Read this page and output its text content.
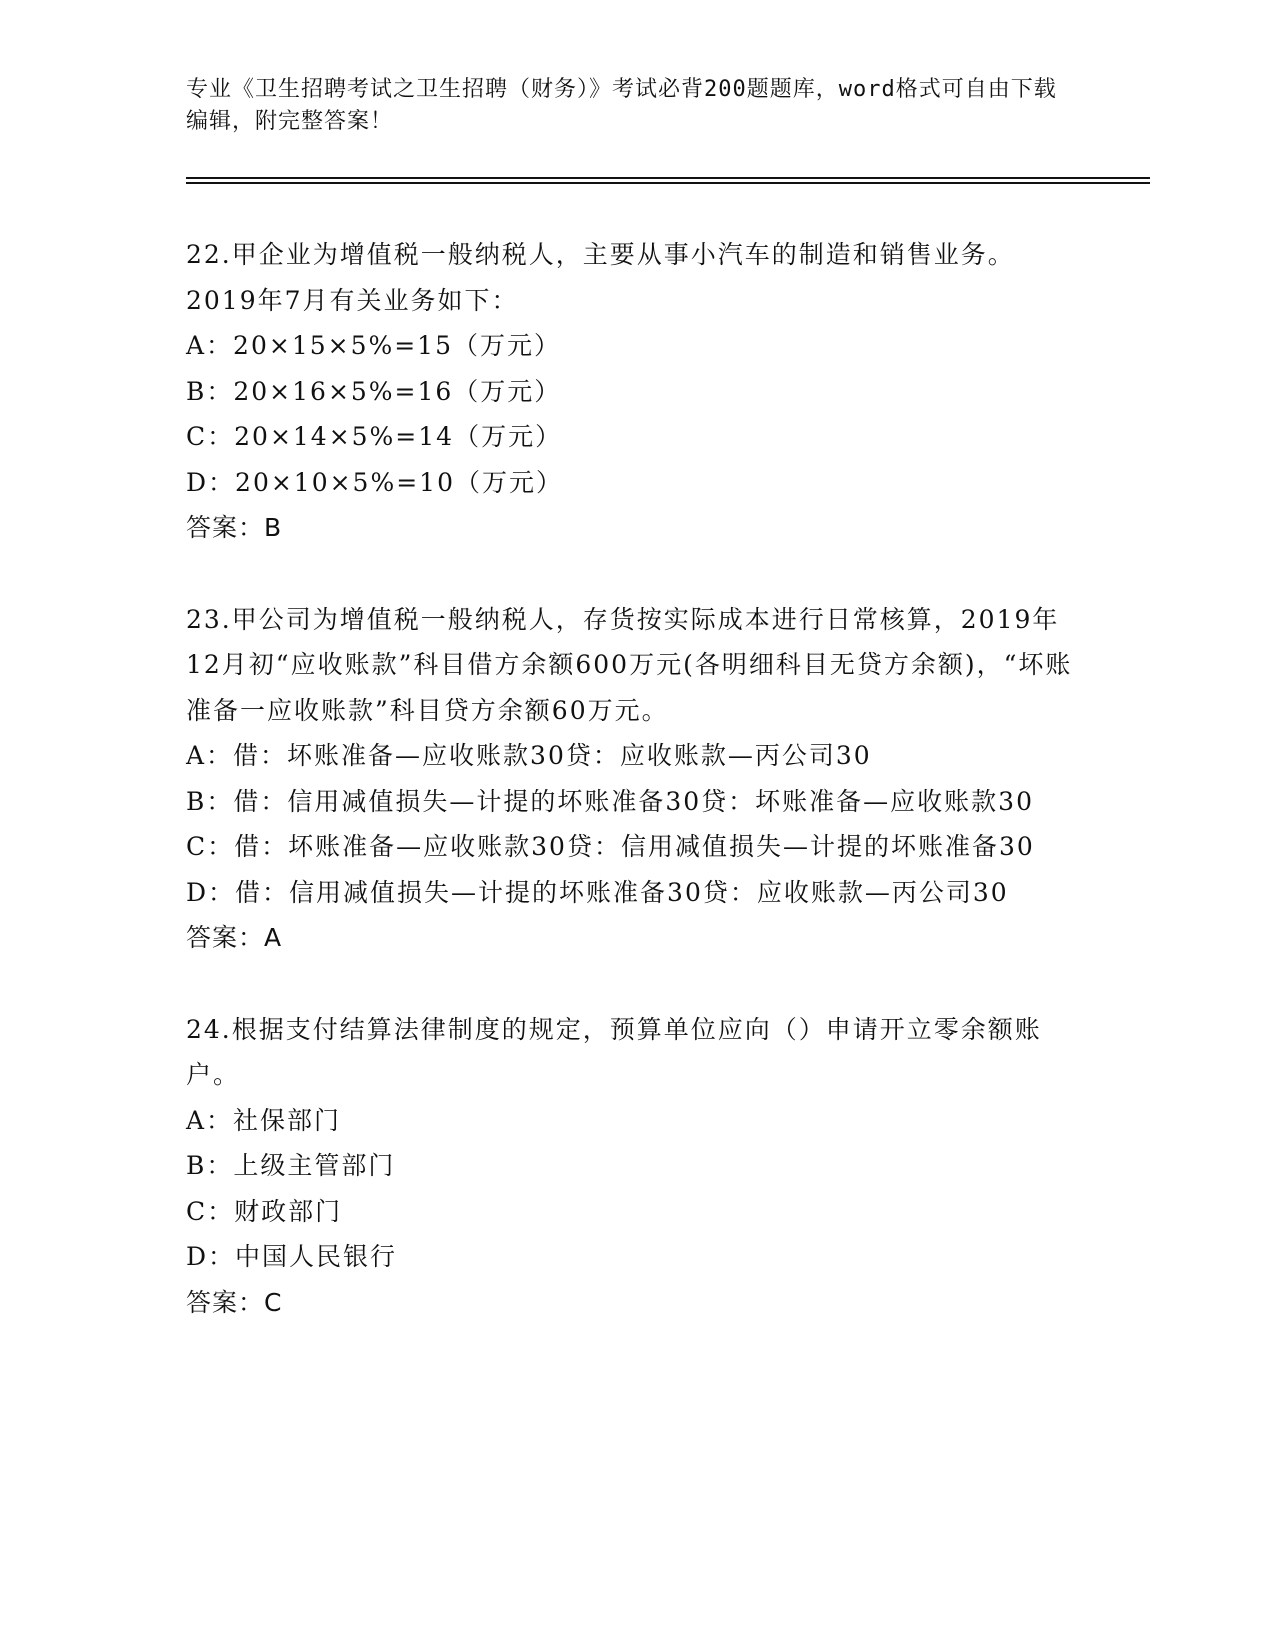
专业《卫生招聘考试之卫生招聘（财务）》考试必背200题题库，word格式可自由下载编辑，附完整答案！

22.甲企业为增值税一般纳税人，主要从事小汽车的制造和销售业务。2019年7月有关业务如下：

A：20×15×5%=15（万元）

B：20×16×5%=16（万元）

C：20×14×5%=14（万元）

D：20×10×5%=10（万元）

答案：B

23.甲公司为增值税一般纳税人，存货按实际成本进行日常核算，2019年12月初“应收账款”科目借方余额600万元(各明细科目无贷方余额)，“坏账准备一应收账款”科目贷方余额60万元。

A：借：坏账准备—应收账款30贷：应收账款—丙公司30

B：借：信用减值损失—计提的坏账准备30贷：坏账准备—应收账款30

C：借：坏账准备—应收账款30贷：信用减值损失—计提的坏账准备30

D：借：信用减值损失—计提的坏账准备30贷：应收账款—丙公司30

答案：A

24.根据支付结算法律制度的规定，预算单位应向（）申请开立零余额账户。

A：社保部门

B：上级主管部门

C：财政部门

D：中国人民银行

答案：C
